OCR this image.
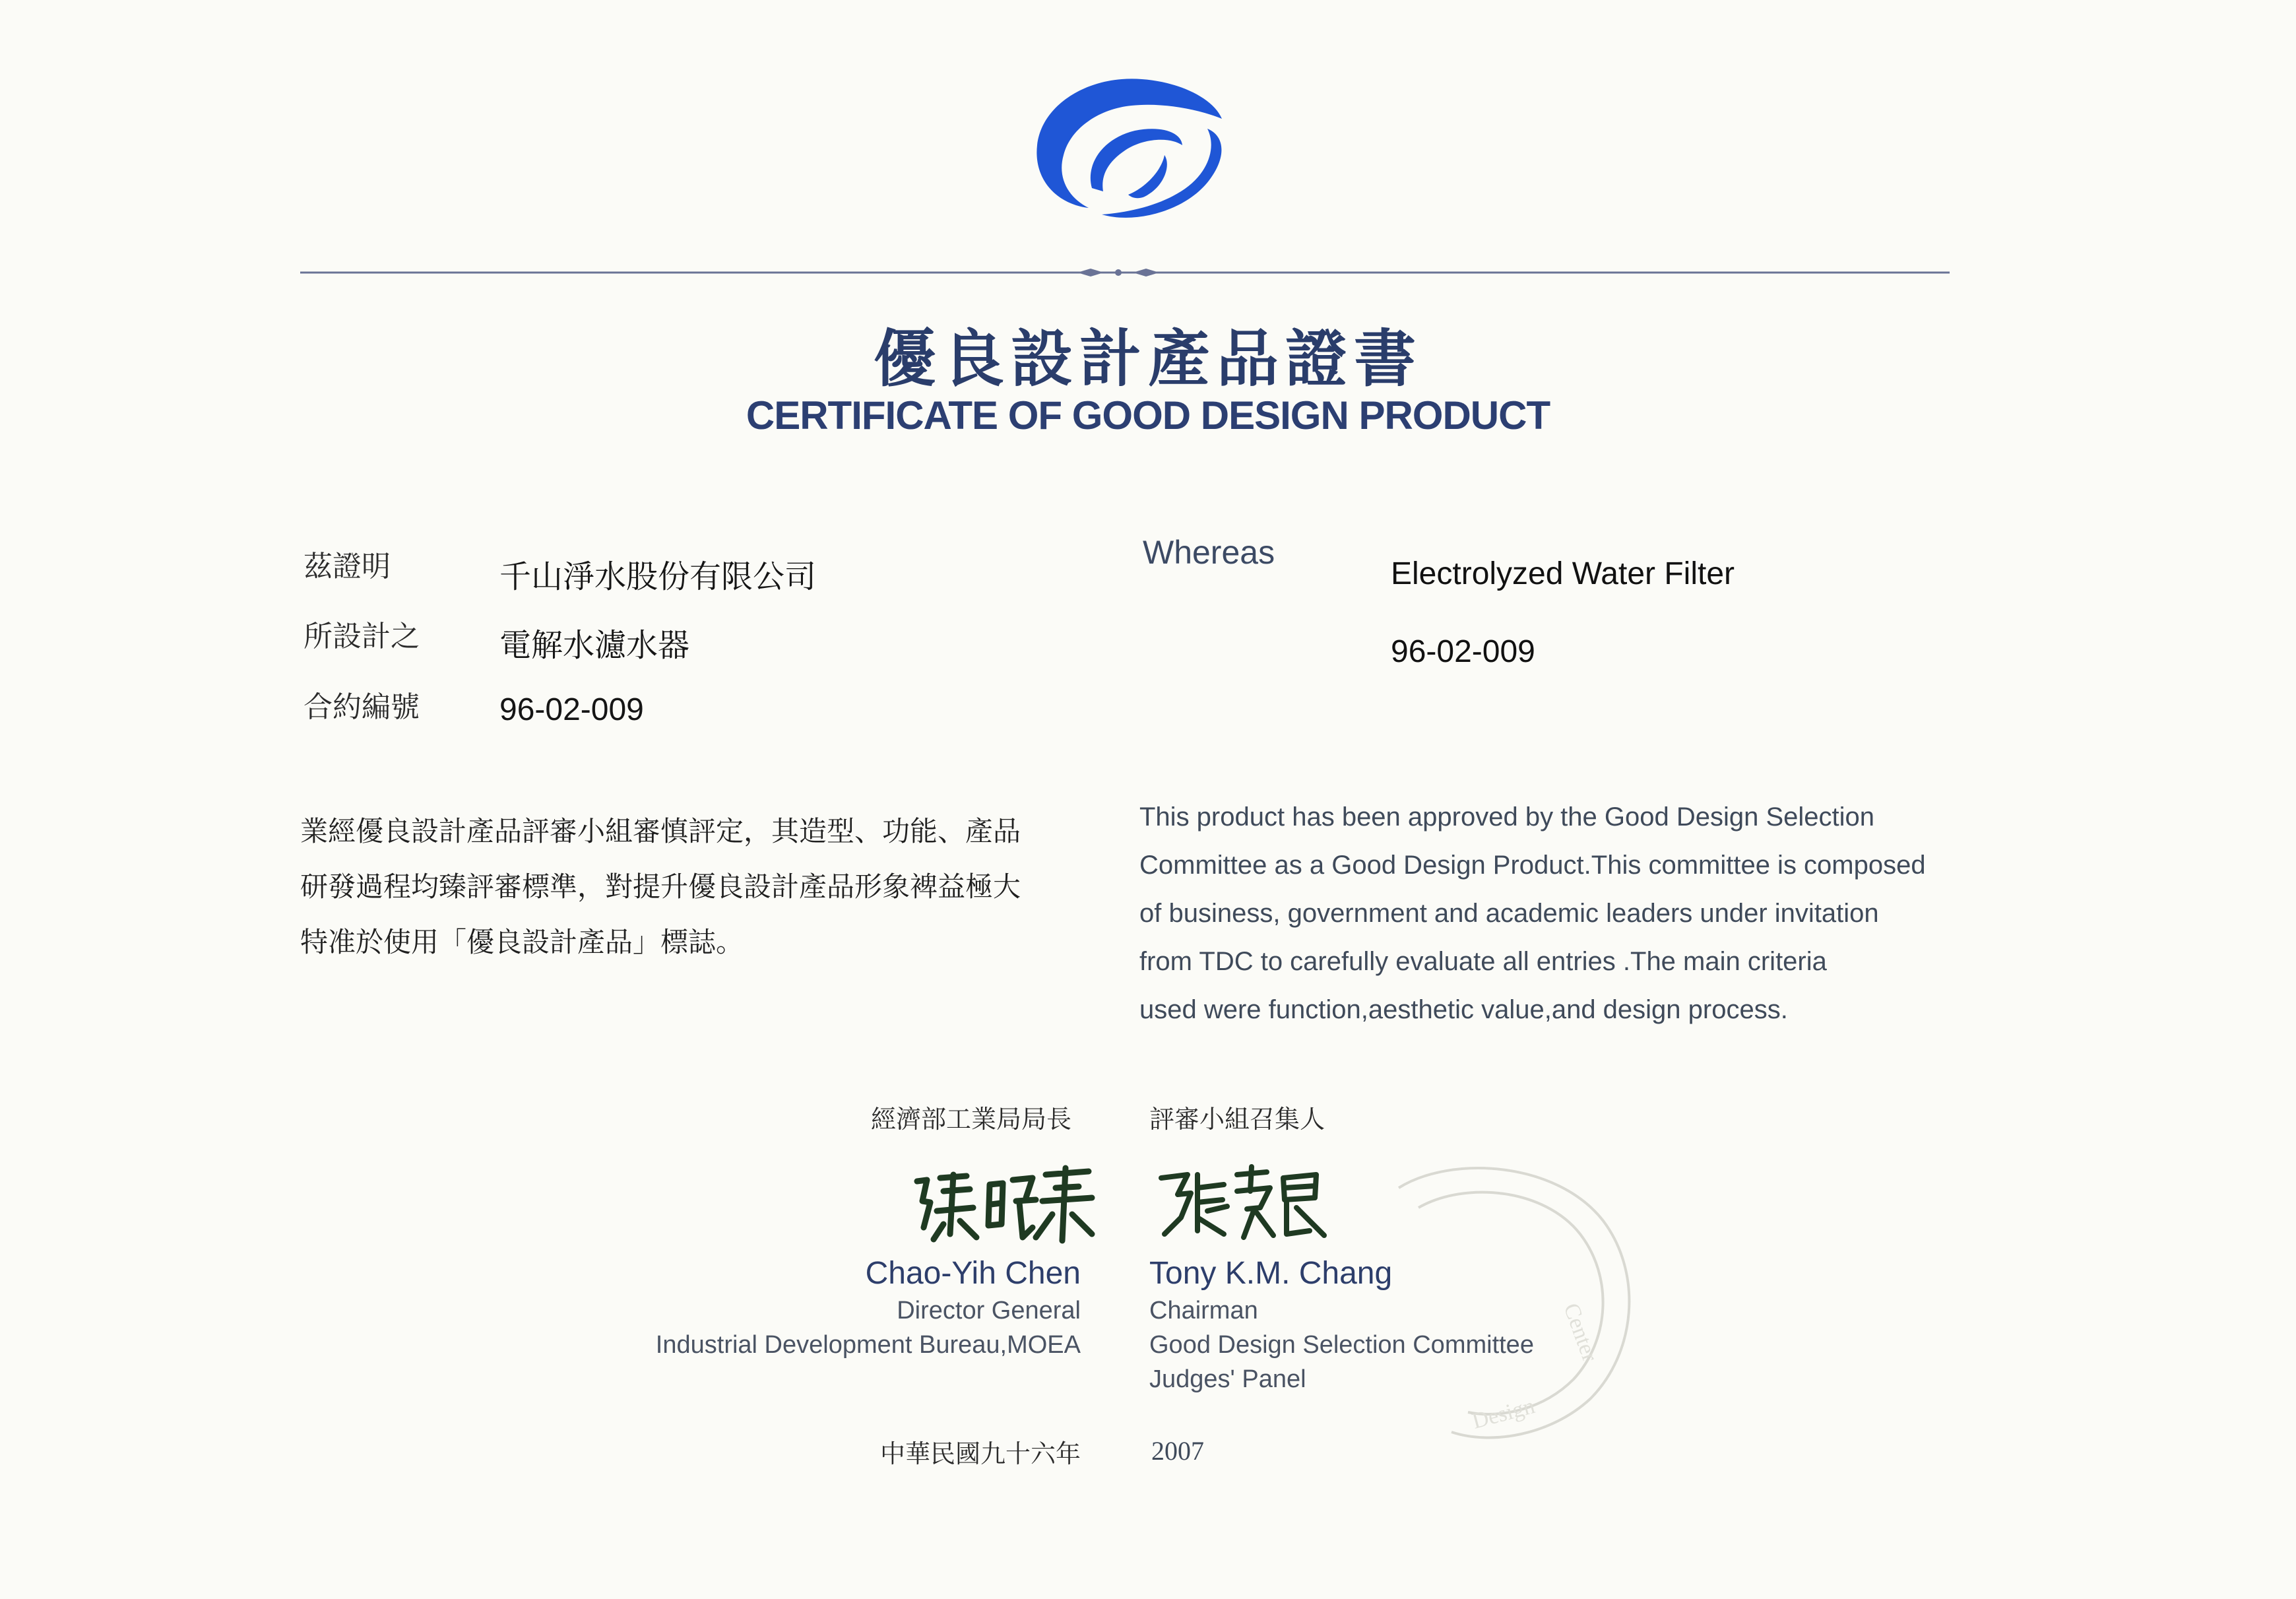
優良設計產品證書
CERTIFICATE OF GOOD DESIGN PRODUCT
茲證明
所設計之
合約編號
千山淨水股份有限公司
電解水濾水器
96-02-009
Whereas
Electrolyzed Water Filter
96-02-009
業經優良設計產品評審小組審慎評定，其造型、功能、產品
研發過程均臻評審標準，對提升優良設計產品形象裨益極大
特准於使用「優良設計產品」標誌。
This product has been approved by the Good Design Selection
Committee as a Good Design Product.This committee is composed
of business, government and academic leaders under invitation
from TDC to carefully evaluate all entries .The main criteria
used were function,aesthetic value,and design process.
經濟部工業局局長	評審小組召集人
Chao-Yih Chen Tony K.M. Chang
Director General
Industrial Development Bureau,MOEA
Chairman
Good Design Selection Committee
Judges' Panel
中華民國九十六年	2007
Center
Design
